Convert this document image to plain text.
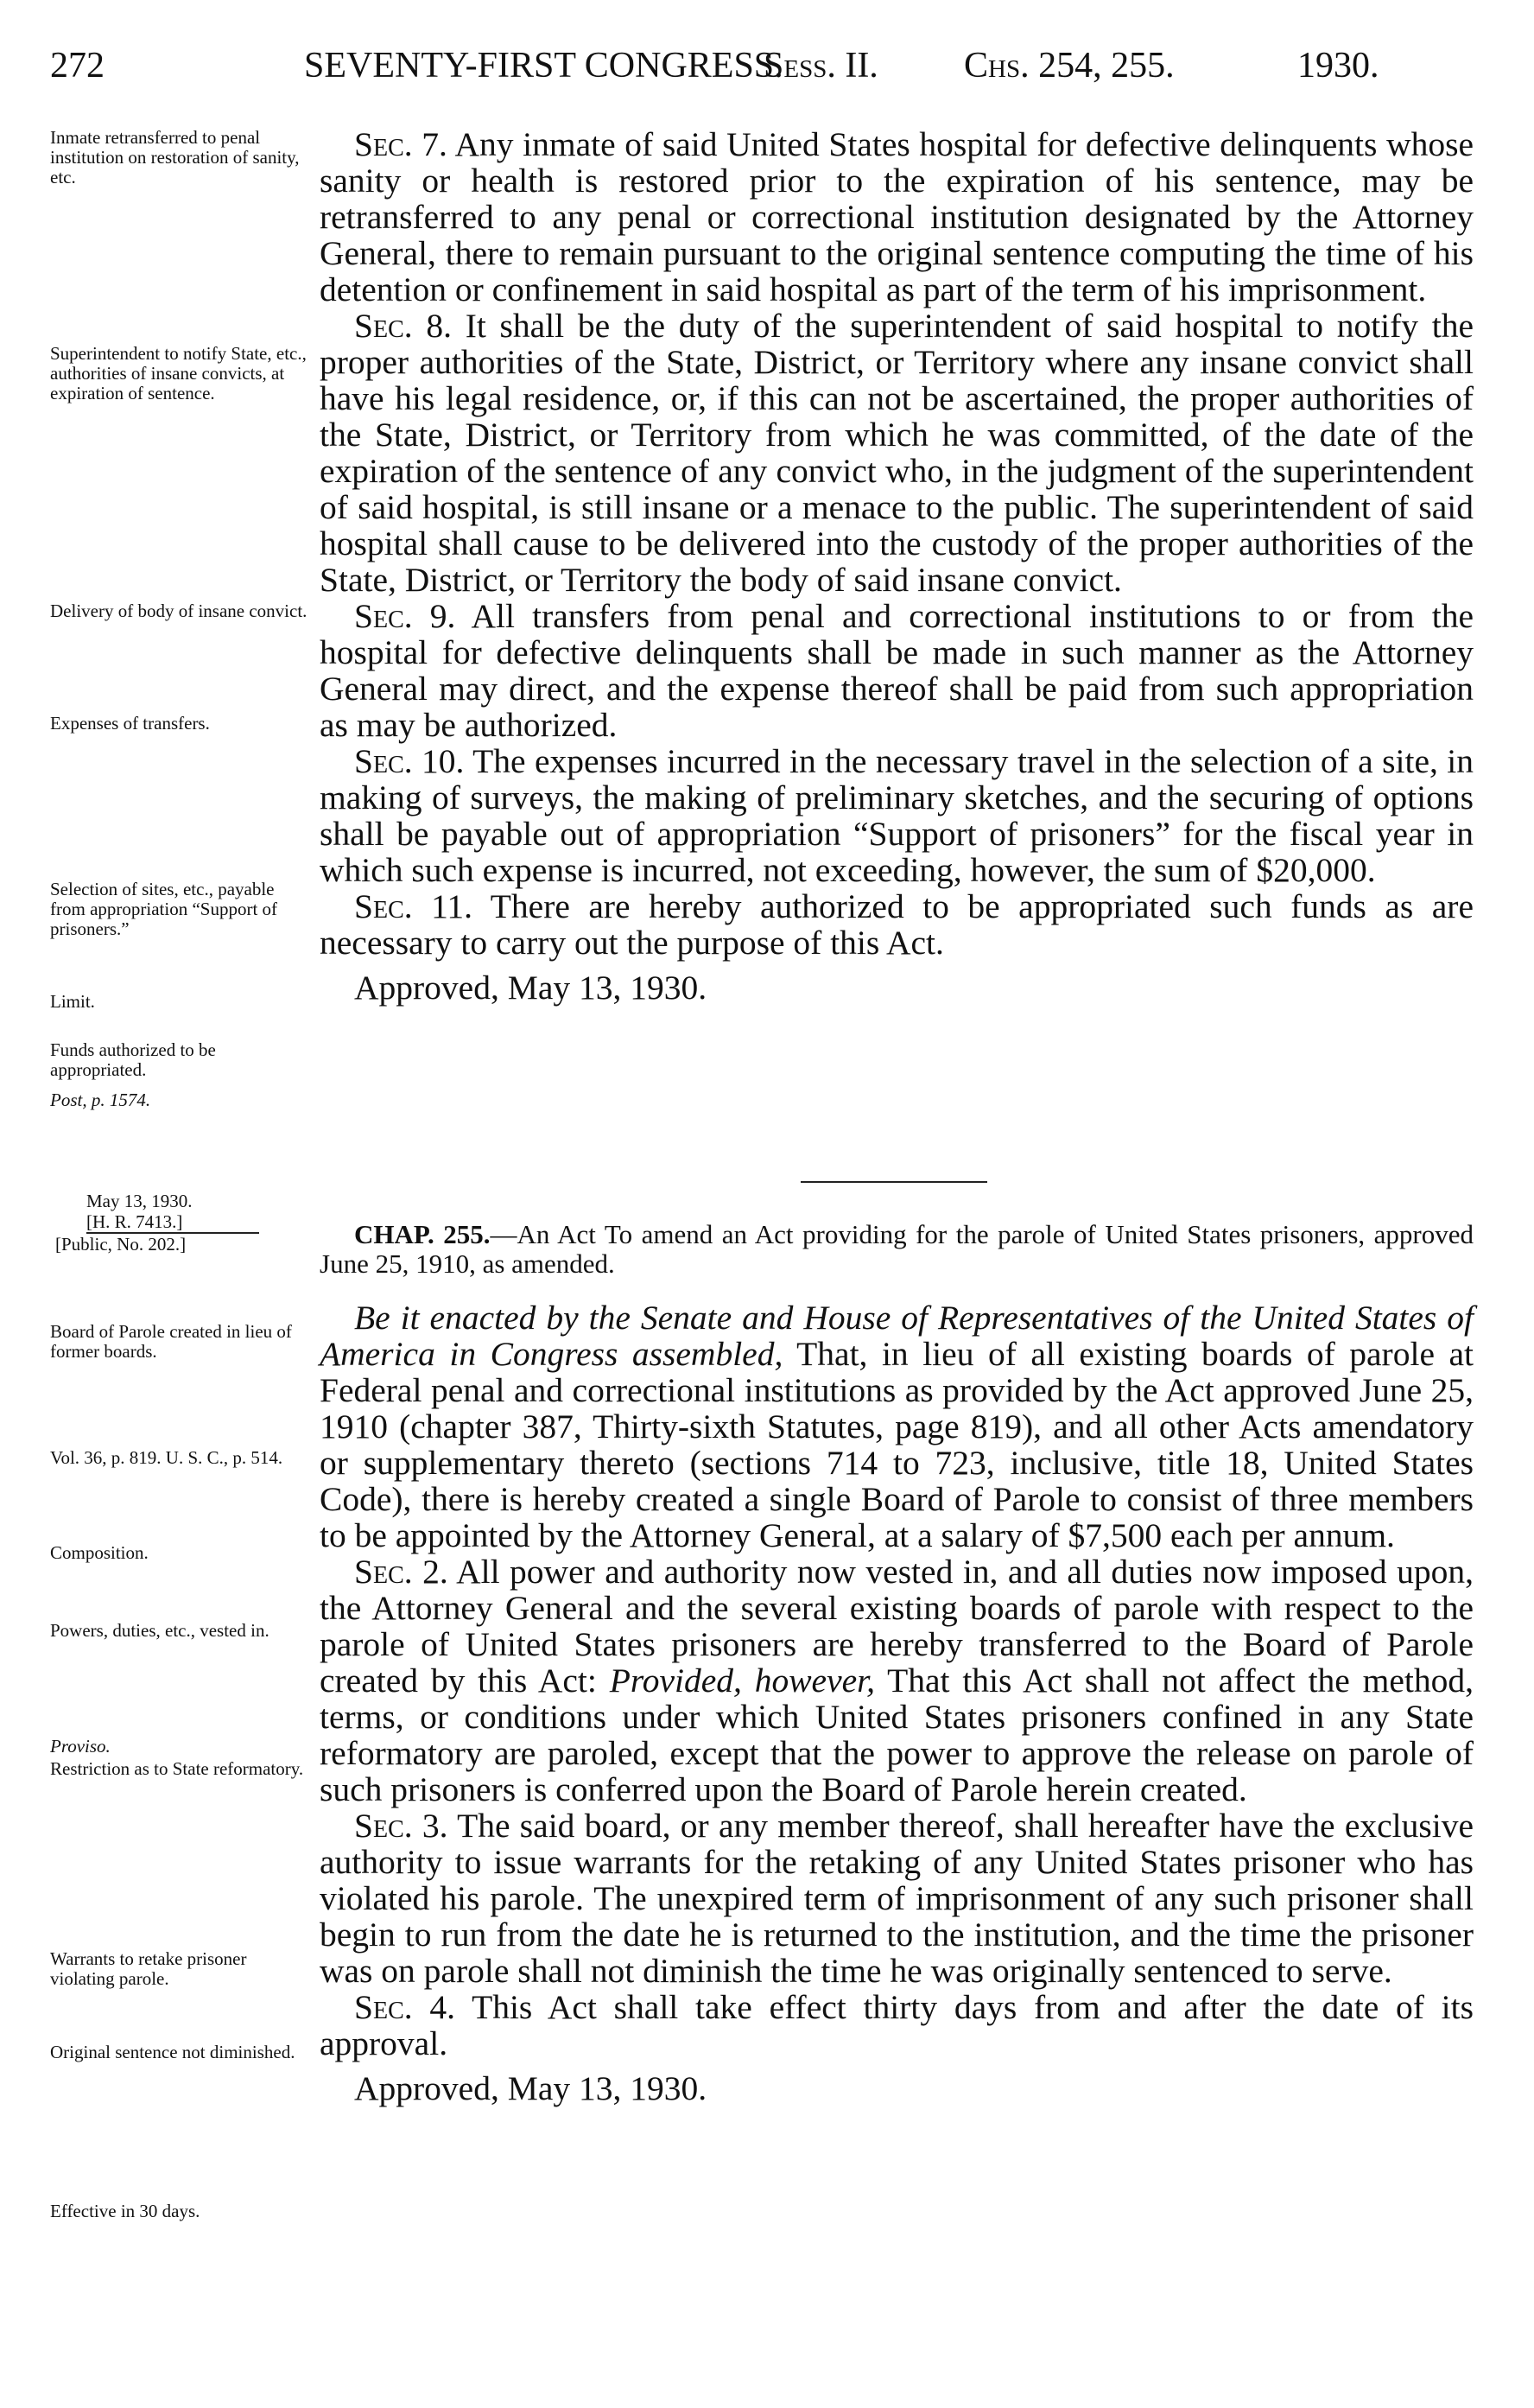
272	SEVENTY-FIRST CONGRESS.
Sess. II. Chs. 254, 255.	1930.
Inmate retransferred to penal institution on restoration of sanity, etc.
Superintendent to notify State, etc., authorities of insane convicts, at expiration of sentence.
Delivery of body of insane convict.
Expenses of transfers.
Selection of sites, etc., payable from appropriation “Support of prisoners.”
Limit.
Funds authorized to be appropriated.
Post, p. 1574.

Sec. 7. Any inmate of said United States hospital for defective delinquents whose sanity or health is restored prior to the expiration of his sentence, may be retransferred to any penal or correctional institution designated by the Attorney General, there to remain pursuant to the original sentence computing the time of his detention or confinement in said hospital as part of the term of his imprisonment.

Sec. 8. It shall be the duty of the superintendent of said hospital to notify the proper authorities of the State, District, or Territory where any insane convict shall have his legal residence, or, if this can not be ascertained, the proper authorities of the State, District, or Territory from which he was committed, of the date of the expiration of the sentence of any convict who, in the judgment of the superintendent of said hospital, is still insane or a menace to the public. The superintendent of said hospital shall cause to be delivered into the custody of the proper authorities of the State, District, or Territory the body of said insane convict.

Sec. 9. All transfers from penal and correctional institutions to or from the hospital for defective delinquents shall be made in such manner as the Attorney General may direct, and the expense thereof shall be paid from such appropriation as may be authorized.

Sec. 10. The expenses incurred in the necessary travel in the selection of a site, in making of surveys, the making of preliminary sketches, and the securing of options shall be payable out of appropriation “Support of prisoners” for the fiscal year in which such expense is incurred, not exceeding, however, the sum of $20,000.

Sec. 11. There are hereby authorized to be appropriated such funds as are necessary to carry out the purpose of this Act.

Approved, May 13, 1930.

May 13, 1930.
[H. R. 7413.]
[Public, No. 202.]	CHAP. 255.—An Act To amend an Act providing for the parole of United States prisoners, approved June 25, 1910, as amended.
Board of Parole created in lieu of former boards.
Vol. 36, p. 819. U. S. C., p. 514.
Composition.
Powers, duties, etc., vested in.
Proviso.
Restriction as to State reformatory.
Warrants to retake prisoner violating parole.
Original sentence not diminished.
Effective in 30 days.

Be it enacted by the Senate and House of Representatives of the United States of America in Congress assembled, That, in lieu of all existing boards of parole at Federal penal and correctional institutions as provided by the Act approved June 25, 1910 (chapter 387, Thirty-sixth Statutes, page 819), and all other Acts amendatory or supplementary thereto (sections 714 to 723, inclusive, title 18, United States Code), there is hereby created a single Board of Parole to consist of three members to be appointed by the Attorney General, at a salary of $7,500 each per annum.

Sec. 2. All power and authority now vested in, and all duties now imposed upon, the Attorney General and the several existing boards of parole with respect to the parole of United States prisoners are hereby transferred to the Board of Parole created by this Act: Provided, however, That this Act shall not affect the method, terms, or conditions under which United States prisoners confined in any State reformatory are paroled, except that the power to approve the release on parole of such prisoners is conferred upon the Board of Parole herein created.

Sec. 3. The said board, or any member thereof, shall hereafter have the exclusive authority to issue warrants for the retaking of any United States prisoner who has violated his parole. The unexpired term of imprisonment of any such prisoner shall begin to run from the date he is returned to the institution, and the time the prisoner was on parole shall not diminish the time he was originally sentenced to serve.

Sec. 4. This Act shall take effect thirty days from and after the date of its approval.

Approved, May 13, 1930.
